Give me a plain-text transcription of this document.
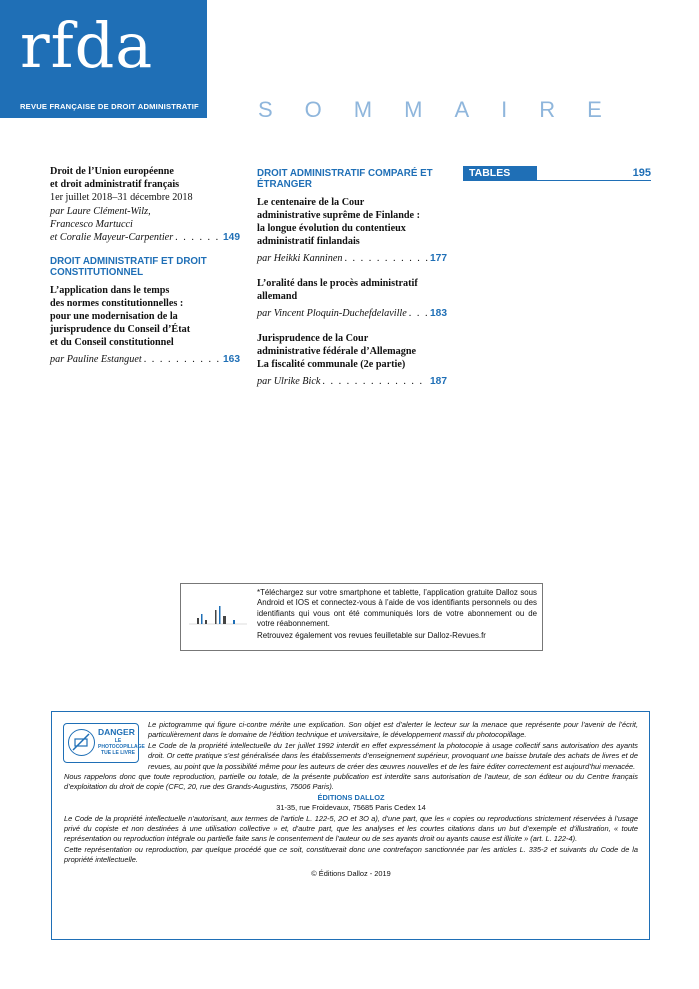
rfda
REVUE FRANÇAISE DE DROIT ADMINISTRATIF	SOMMAIRE

Droit de l’Union européenne

et droit administratif français

1er juillet 2018–31 décembre 2018

par Laure Clément-Wilz,

Francesco Martucci

et Coralie Mayeur-Carpentier . . .	149
DROIT ADMINISTRATIF ET DROIT CONSTITUTIONNEL

L’application dans le temps

des normes constitutionnelles :

pour une modernisation de la

jurisprudence du Conseil d’État

et du Conseil constitutionnel

par Pauline Estanguet . . .	163
DROIT ADMINISTRATIF COMPARÉ ET ÉTRANGER

Le centenaire de la Cour

administrative suprême de Finlande :

la longue évolution du contentieux

administratif finlandais

par Heikki Kanninen . . .	177

L’oralité dans le procès administratif

allemand

par Vincent Ploquin-Duchefdelaville . . . 183

Jurisprudence de la Cour

administrative fédérale d’Allemagne

La fiscalité communale (2e partie)

par Ulrike Bick . . .	187
TABLES	195

*Téléchargez sur votre smartphone et tablette, l’application gratuite Dalloz sous Android et IOS et connectez-vous à l’aide de vos identifiants personnels ou des identifiants qui vous ont été communiqués lors de votre abonnement ou de votre réabonnement.

Retrouvez également vos revues feuilletable sur Dalloz-Revues.fr

DANGER
LE PHOTOCOPILLAGE TUE LE LIVRE

Le pictogramme qui figure ci-contre mérite une explication. Son objet est d’alerter le lecteur sur la menace que représente pour l’avenir de l’écrit, particulièrement dans le domaine de l’édition technique et universitaire, le développement massif du photocopillage.

Le Code de la propriété intellectuelle du 1er juillet 1992 interdit en effet expressément la photocopie à usage collectif sans autorisation des ayants droit. Or cette pratique s’est généralisée dans les établissements d’enseignement supérieur, provoquant une baisse brutale des achats de livres et de revues, au point que la possibilité même pour les auteurs de créer des œuvres nouvelles et de les faire éditer correctement est aujourd’hui menacée.

Nous rappelons donc que toute reproduction, partielle ou totale, de la présente publication est interdite sans autorisation de l’auteur, de son éditeur ou du Centre français d’exploitation du droit de copie (CFC, 20, rue des Grands-Augustins, 75006 Paris).

ÉDITIONS DALLOZ

31-35, rue Froidevaux, 75685 Paris Cedex 14

Le Code de la propriété intellectuelle n’autorisant, aux termes de l’article L. 122-5, 2O et 3O a), d’une part, que les « copies ou reproductions strictement réservées à l’usage privé du copiste et non destinées à une utilisation collective » et, d’autre part, que les analyses et les courtes citations dans un but d’exemple et d’illustration, « toute représentation ou reproduction intégrale ou partielle faite sans le consentement de l’auteur ou de ses ayants droit ou ayants cause est illicite » (art. L. 122-4).

Cette représentation ou reproduction, par quelque procédé que ce soit, constituerait donc une contrefaçon sanctionnée par les articles L. 335-2 et suivants du Code de la propriété intellectuelle.

© Éditions Dalloz - 2019
